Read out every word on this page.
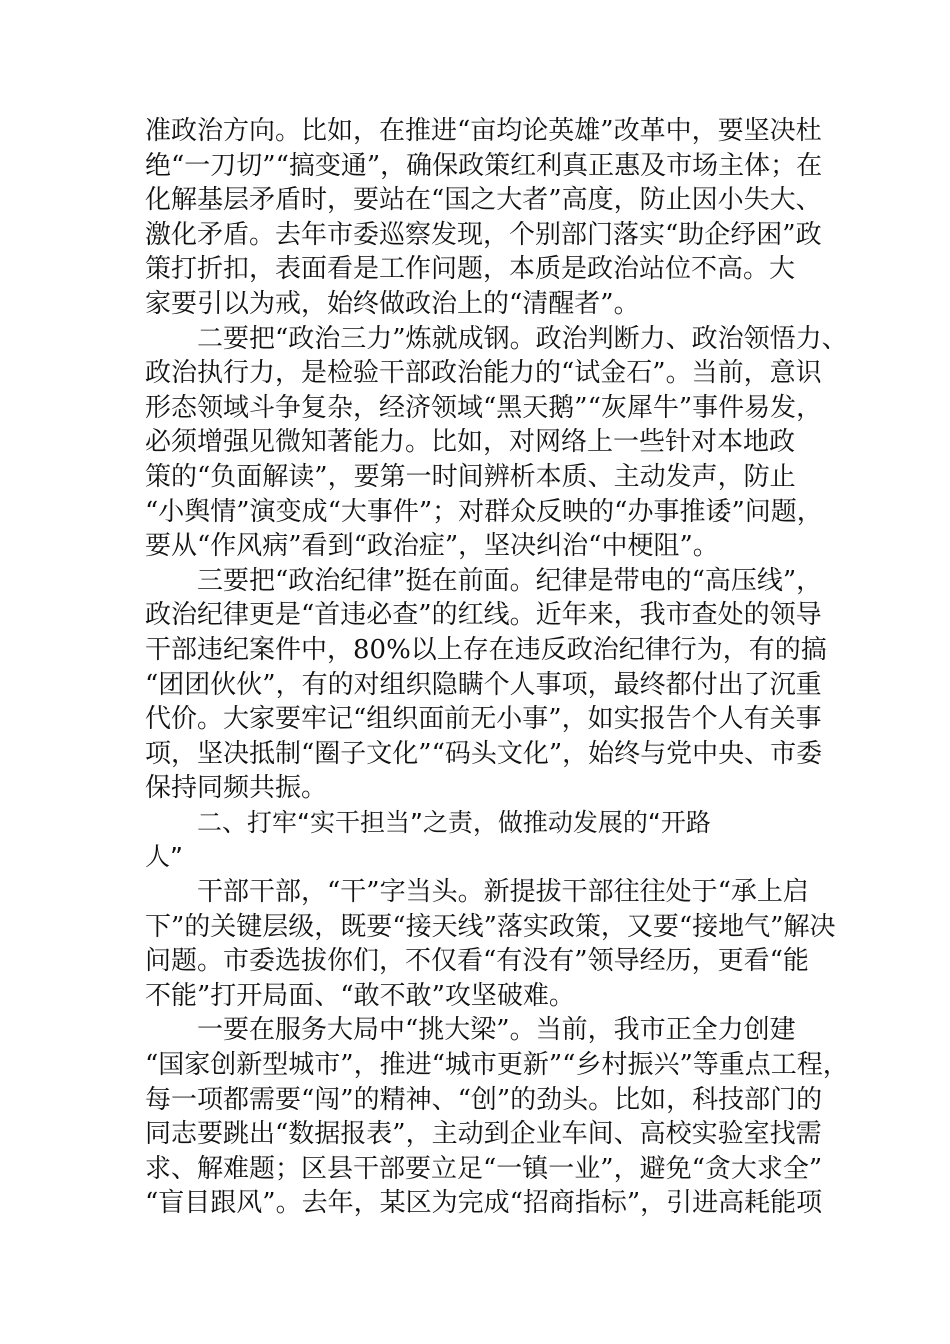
准政治方向。比如，在推进“亩均论英雄”改革中，要坚决杜
绝“一刀切”“搞变通”，确保政策红利真正惠及市场主体；在
化解基层矛盾时，要站在“国之大者”高度，防止因小失大、
激化矛盾。去年市委巡察发现，个别部门落实“助企纾困”政
策打折扣，表面看是工作问题，本质是政治站位不高。大
家要引以为戒，始终做政治上的“清醒者”。
二要把“政治三力”炼就成钢。政治判断力、政治领悟力、
政治执行力，是检验干部政治能力的“试金石”。当前，意识
形态领域斗争复杂，经济领域“黑天鹅”“灰犀牛”事件易发，
必须增强见微知著能力。比如，对网络上一些针对本地政
策的“负面解读”，要第一时间辨析本质、主动发声，防止
“小舆情”演变成“大事件”；对群众反映的“办事推诿”问题，
要从“作风病”看到“政治症”，坚决纠治“中梗阻”。
三要把“政治纪律”挺在前面。纪律是带电的“高压线”，
政治纪律更是“首违必查”的红线。近年来，我市查处的领导
干部违纪案件中，80%以上存在违反政治纪律行为，有的搞
“团团伙伙”，有的对组织隐瞒个人事项，最终都付出了沉重
代价。大家要牢记“组织面前无小事”，如实报告个人有关事
项，坚决抵制“圈子文化”“码头文化”，始终与党中央、市委
保持同频共振。
二、打牢“实干担当”之责，做推动发展的“开路
人”
干部干部，“干”字当头。新提拔干部往往处于“承上启
下”的关键层级，既要“接天线”落实政策，又要“接地气”解决
问题。市委选拔你们，不仅看“有没有”领导经历，更看“能
不能”打开局面、“敢不敢”攻坚破难。
一要在服务大局中“挑大梁”。当前，我市正全力创建
“国家创新型城市”，推进“城市更新”“乡村振兴”等重点工程，
每一项都需要“闯”的精神、“创”的劲头。比如，科技部门的
同志要跳出“数据报表”，主动到企业车间、高校实验室找需
求、解难题；区县干部要立足“一镇一业”，避免“贪大求全”
“盲目跟风”。去年，某区为完成“招商指标”，引进高耗能项
